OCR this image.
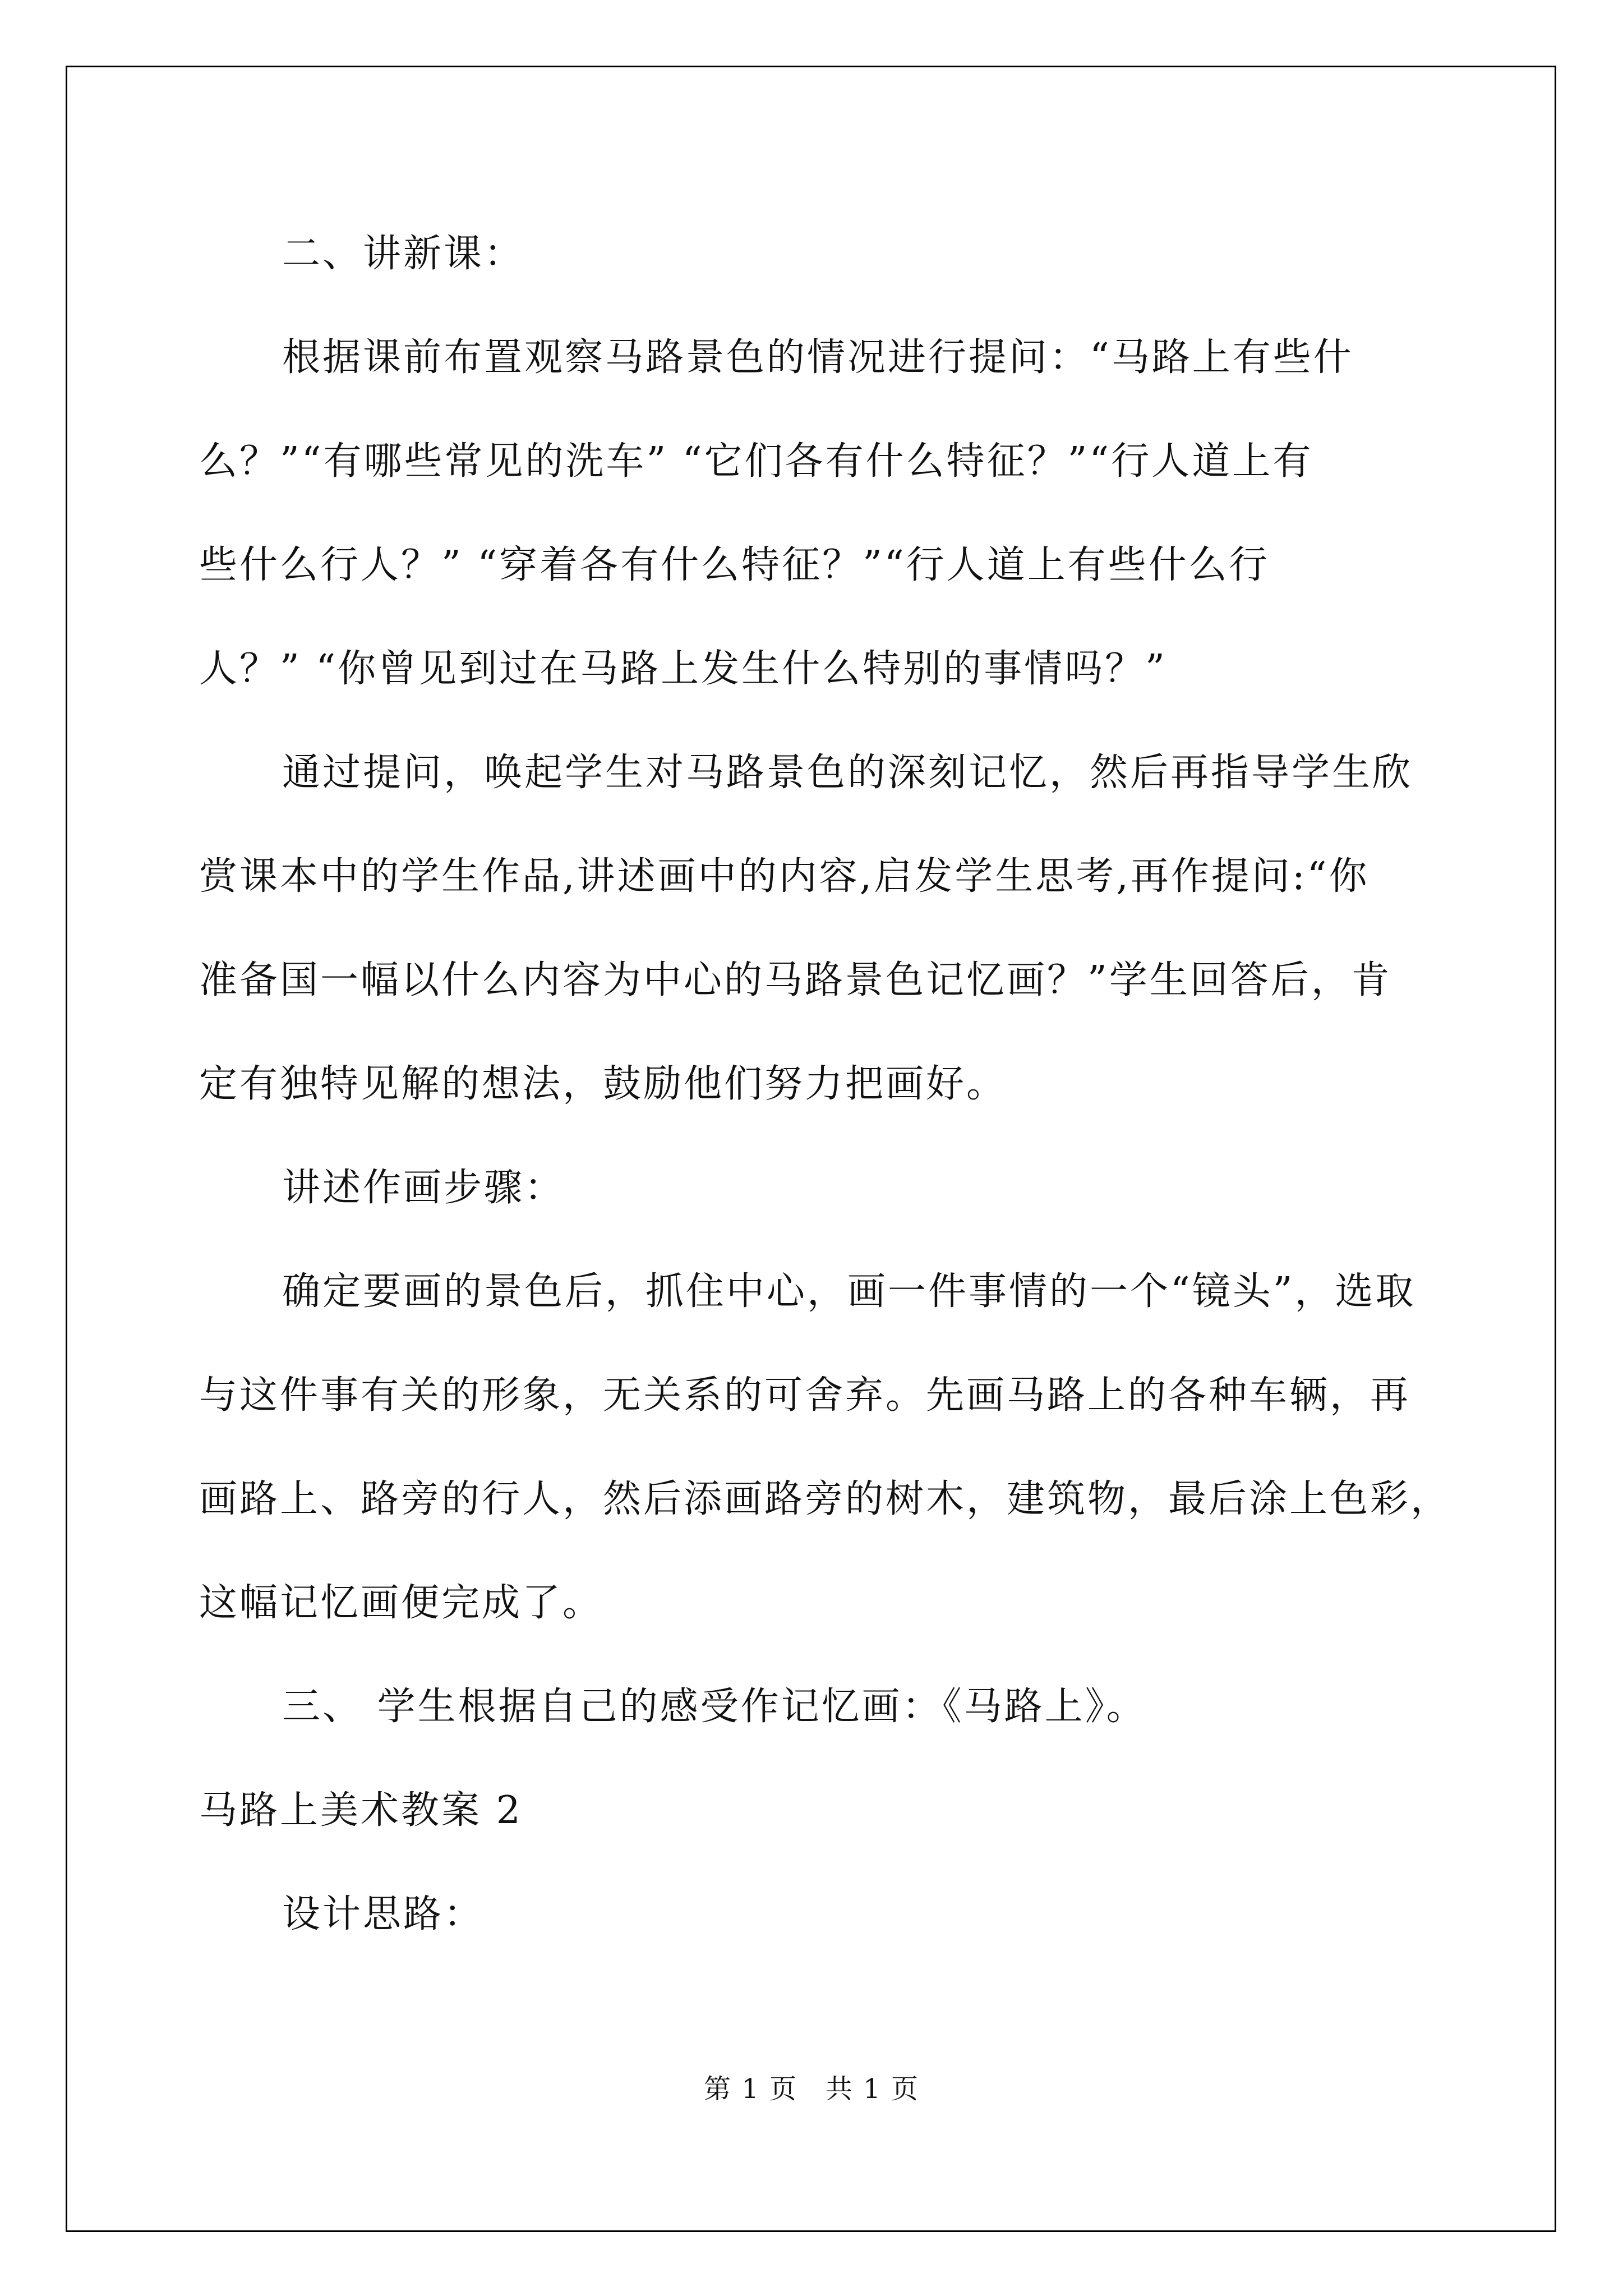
二、讲新课：
根据课前布置观察马路景色的情况进行提问：“马路上有些什
么？”“有哪些常见的洗车” “它们各有什么特征？”“行人道上有
些什么行人？” “穿着各有什么特征？”“行人道上有些什么行
人？” “你曾见到过在马路上发生什么特别的事情吗？”
通过提问，唤起学生对马路景色的深刻记忆，然后再指导学生欣
赏课本中的学生作品,讲述画中的内容,启发学生思考,再作提问:“你
准备国一幅以什么内容为中心的马路景色记忆画？”学生回答后，肯
定有独特见解的想法，鼓励他们努力把画好。
讲述作画步骤：
确定要画的景色后，抓住中心，画一件事情的一个“镜头”，选取
与这件事有关的形象，无关系的可舍弃。先画马路上的各种车辆，再
画路上、路旁的行人，然后添画路旁的树木，建筑物，最后涂上色彩，
这幅记忆画便完成了。
三、 学生根据自己的感受作记忆画：《马路上》。
马路上美术教案 2
设计思路：
第 1 页　共 1 页
